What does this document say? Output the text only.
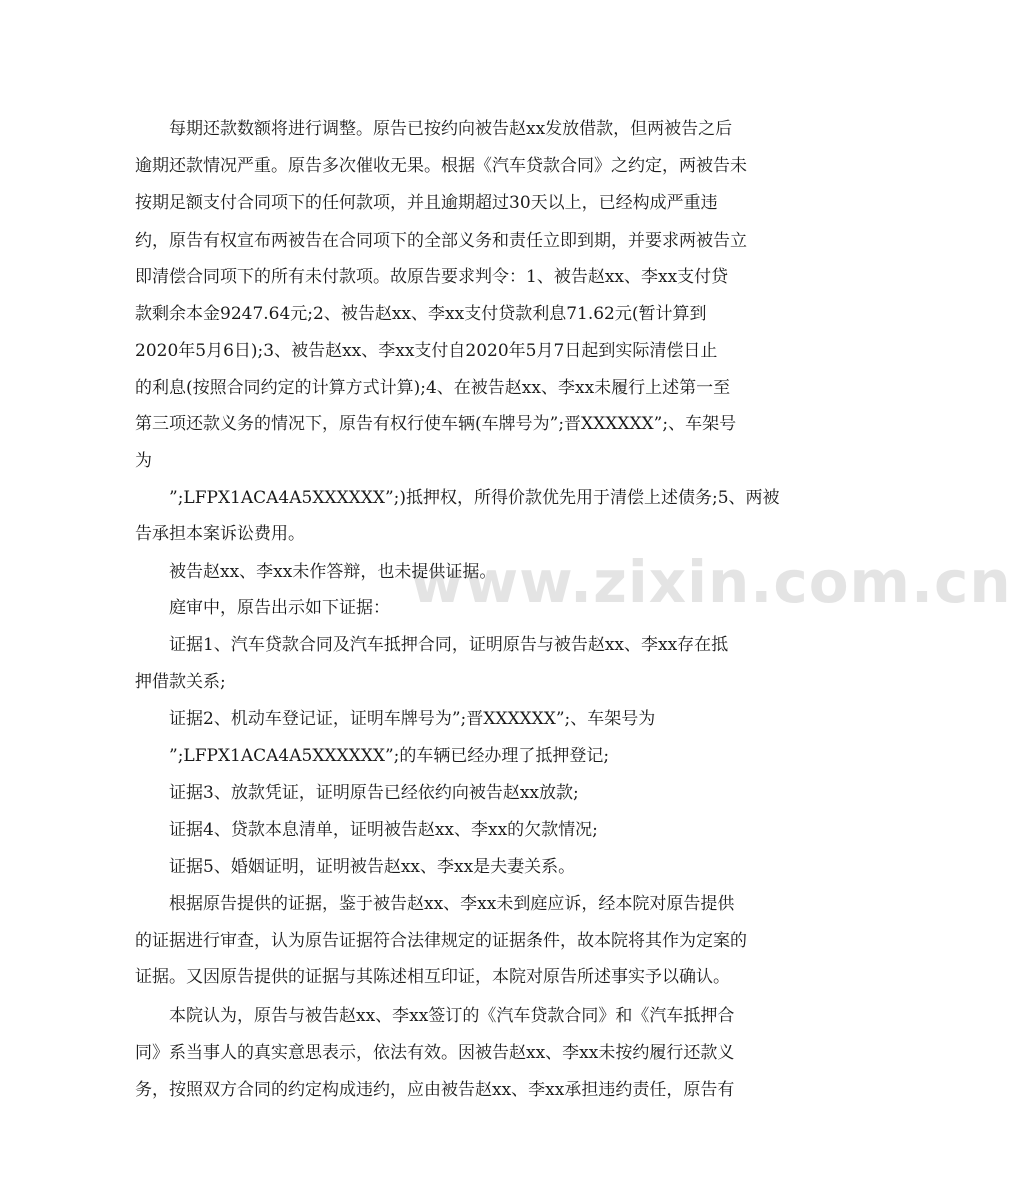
www.zixin.com.cn
　　每期还款数额将进行调整。原告已按约向被告赵xx发放借款，但两被告之后
逾期还款情况严重。原告多次催收无果。根据《汽车贷款合同》之约定，两被告未
按期足额支付合同项下的任何款项，并且逾期超过30天以上，已经构成严重违
约，原告有权宣布两被告在合同项下的全部义务和责任立即到期，并要求两被告立
即清偿合同项下的所有未付款项。故原告要求判令：1、被告赵xx、李xx支付贷
款剩余本金9247.64元;2、被告赵xx、李xx支付贷款利息71.62元(暂计算到
2020年5月6日);3、被告赵xx、李xx支付自2020年5月7日起到实际清偿日止
的利息(按照合同约定的计算方式计算);4、在被告赵xx、李xx未履行上述第一至
第三项还款义务的情况下，原告有权行使车辆(车牌号为”;晋XXXXXX”;、车架号
为
　　”;LFPX1ACA4A5XXXXXX”;)抵押权，所得价款优先用于清偿上述债务;5、两被
告承担本案诉讼费用。
　　被告赵xx、李xx未作答辩，也未提供证据。
　　庭审中，原告出示如下证据：
　　证据1、汽车贷款合同及汽车抵押合同，证明原告与被告赵xx、李xx存在抵
押借款关系;
　　证据2、机动车登记证，证明车牌号为”;晋XXXXXX”;、车架号为
　　”;LFPX1ACA4A5XXXXXX”;的车辆已经办理了抵押登记;
　　证据3、放款凭证，证明原告已经依约向被告赵xx放款;
　　证据4、贷款本息清单，证明被告赵xx、李xx的欠款情况;
　　证据5、婚姻证明，证明被告赵xx、李xx是夫妻关系。
　　根据原告提供的证据，鉴于被告赵xx、李xx未到庭应诉，经本院对原告提供
的证据进行审查，认为原告证据符合法律规定的证据条件，故本院将其作为定案的
证据。又因原告提供的证据与其陈述相互印证，本院对原告所述事实予以确认。
　　本院认为，原告与被告赵xx、李xx签订的《汽车贷款合同》和《汽车抵押合
同》系当事人的真实意思表示，依法有效。因被告赵xx、李xx未按约履行还款义
务，按照双方合同的约定构成违约，应由被告赵xx、李xx承担违约责任，原告有
